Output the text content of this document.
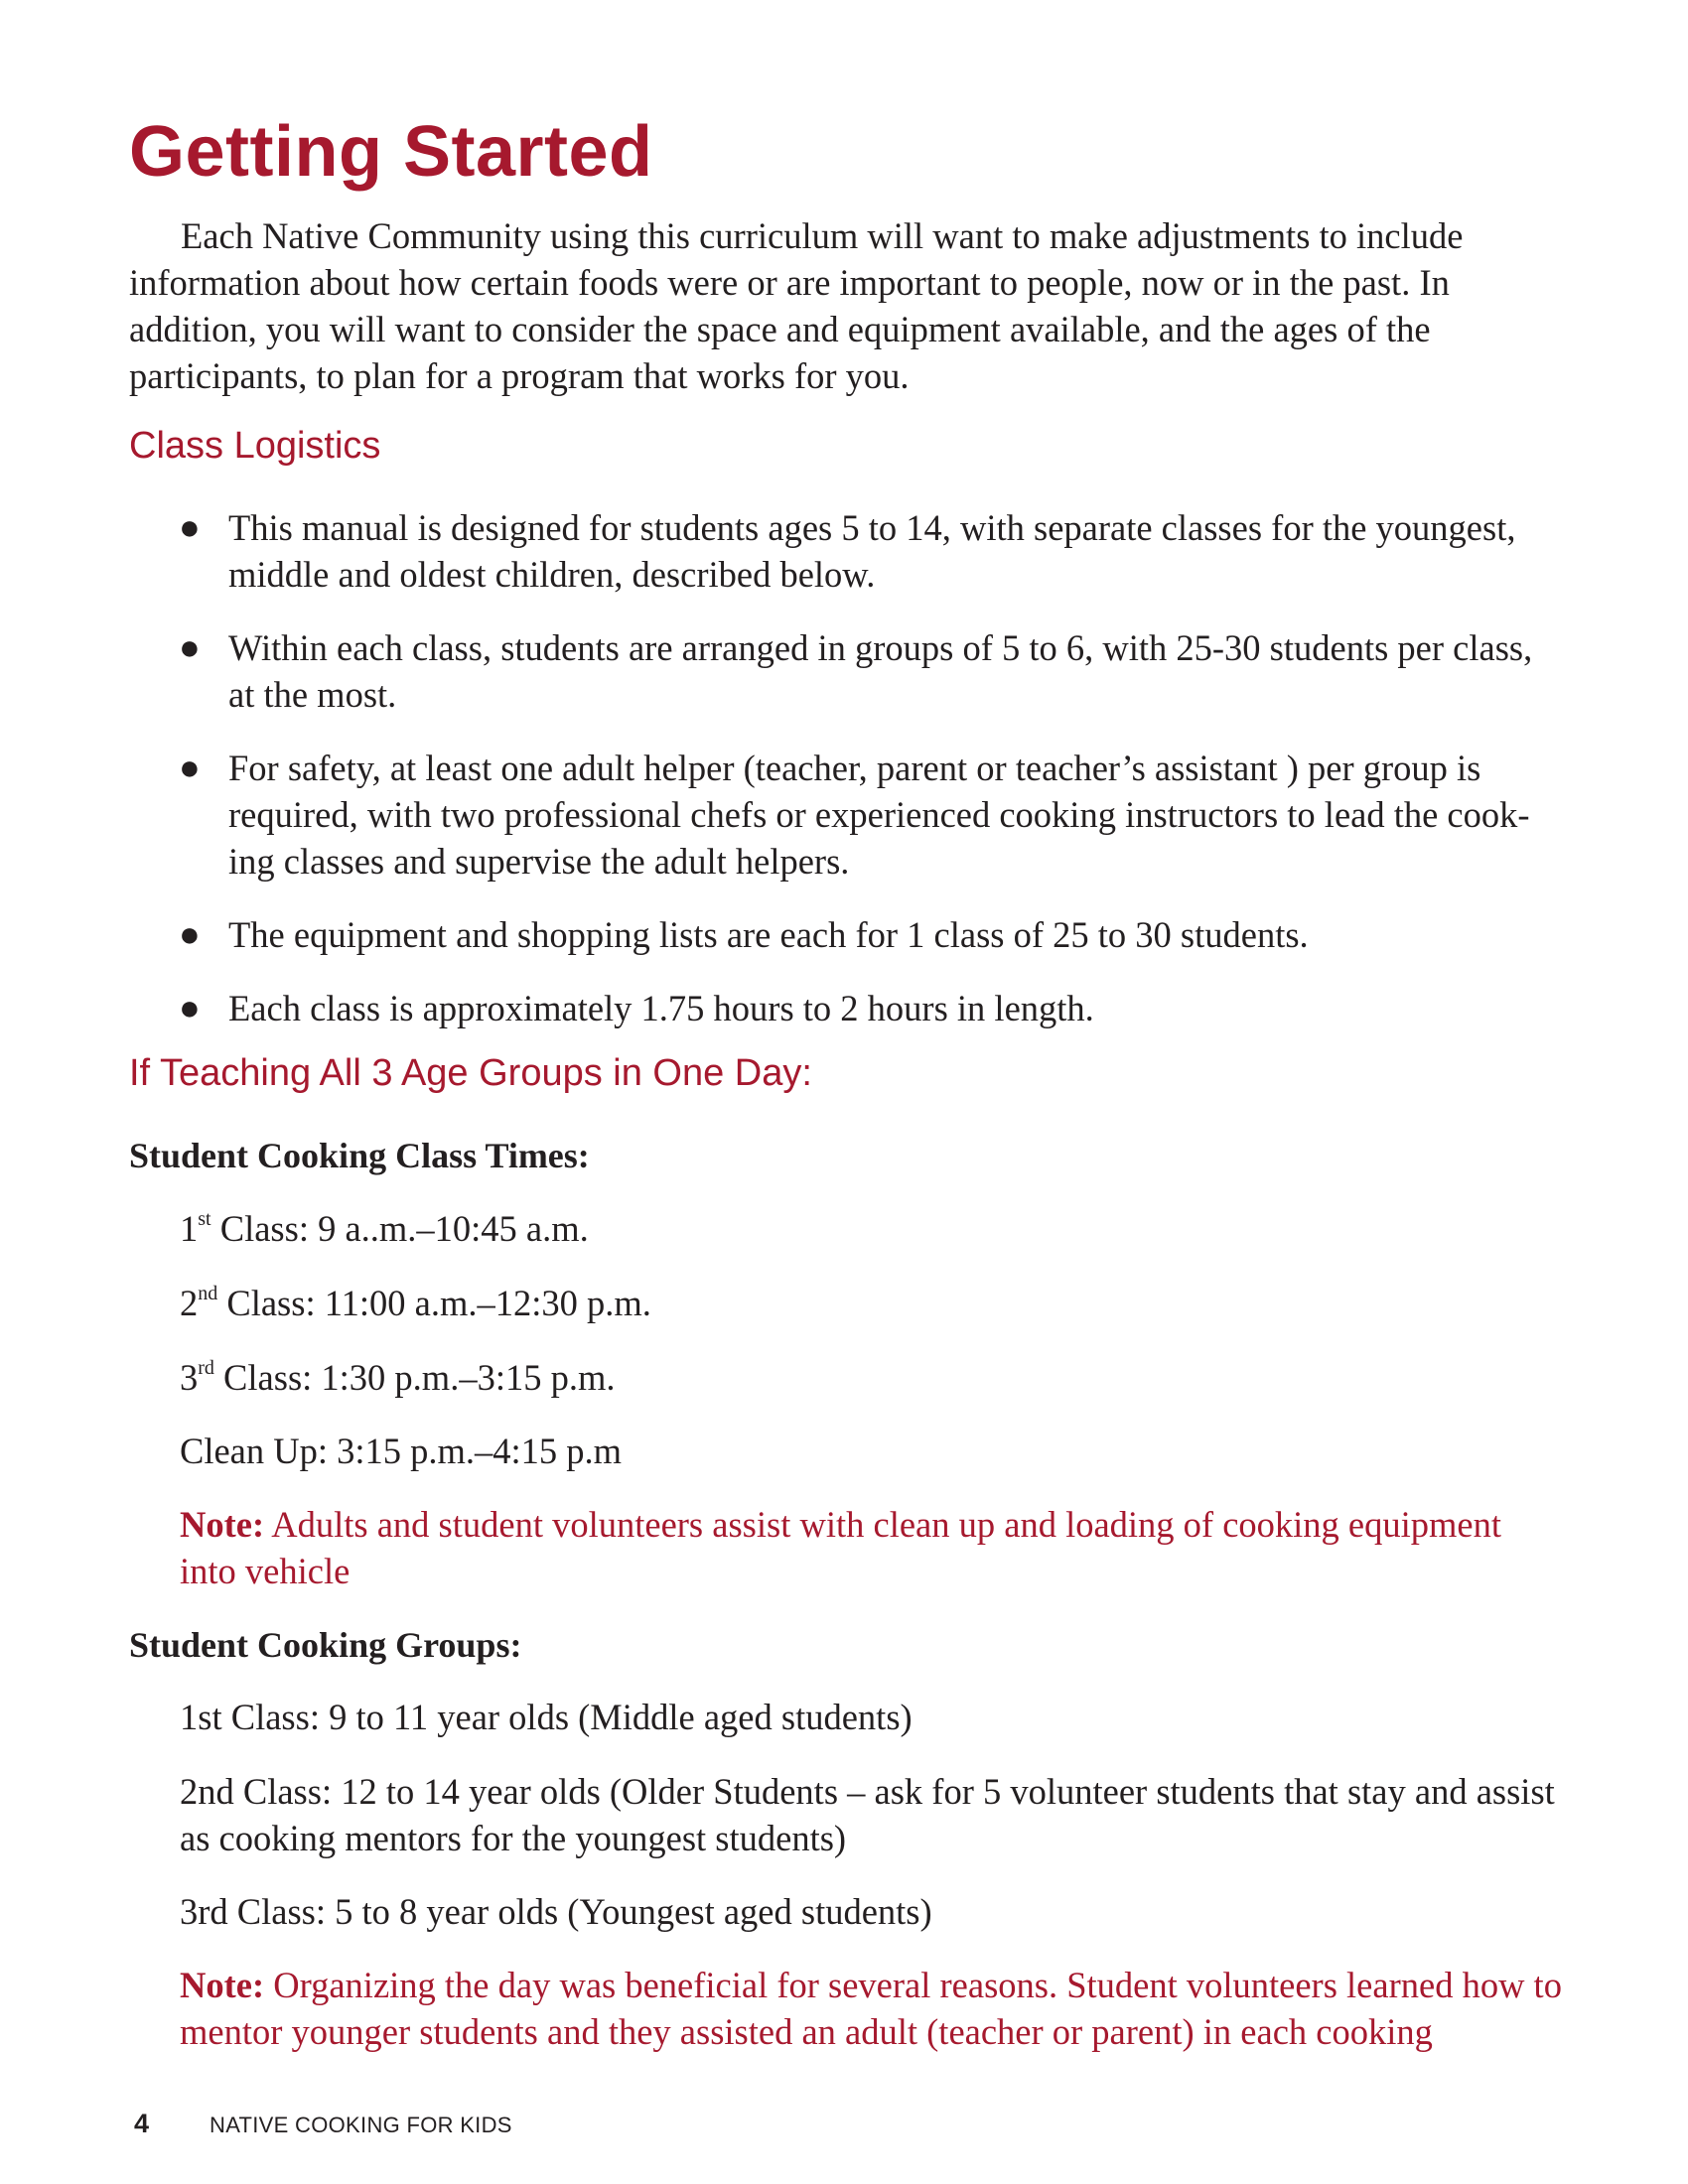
Getting Started

Each Native Community using this curriculum will want to make adjustments to include information about how certain foods were or are important to people, now or in the past. In addition, you will want to consider the space and equipment available, and the ages of the participants, to plan for a program that works for you.

Class Logistics
● This manual is designed for students ages 5 to 14, with separate classes for the youngest, middle and oldest children, described below.
● Within each class, students are arranged in groups of 5 to 6, with 25-30 students per class, at the most.
● For safety, at least one adult helper (teacher, parent or teacher’s assistant ) per group is required, with two professional chefs or experienced cooking instructors to lead the cook-ing classes and supervise the adult helpers.
● The equipment and shopping lists are each for 1 class of 25 to 30 students.
● Each class is approximately 1.75 hours to 2 hours in length.
If Teaching All 3 Age Groups in One Day:
Student Cooking Class Times:

1st Class: 9 a..m.–10:45 a.m.

2nd Class: 11:00 a.m.–12:30 p.m.

3rd Class: 1:30 p.m.–3:15 p.m.

Clean Up: 3:15 p.m.–4:15 p.m

Note: Adults and student volunteers assist with clean up and loading of cooking equipment into vehicle

Student Cooking Groups:

1st Class: 9 to 11 year olds (Middle aged students)

2nd Class: 12 to 14 year olds (Older Students – ask for 5 volunteer students that stay and assist as cooking mentors for the youngest students)

3rd Class: 5 to 8 year olds (Youngest aged students)

Note: Organizing the day was beneficial for several reasons. Student volunteers learned how to mentor younger students and they assisted an adult (teacher or parent) in each cooking

4	NATIVE COOKING FOR KIDS
